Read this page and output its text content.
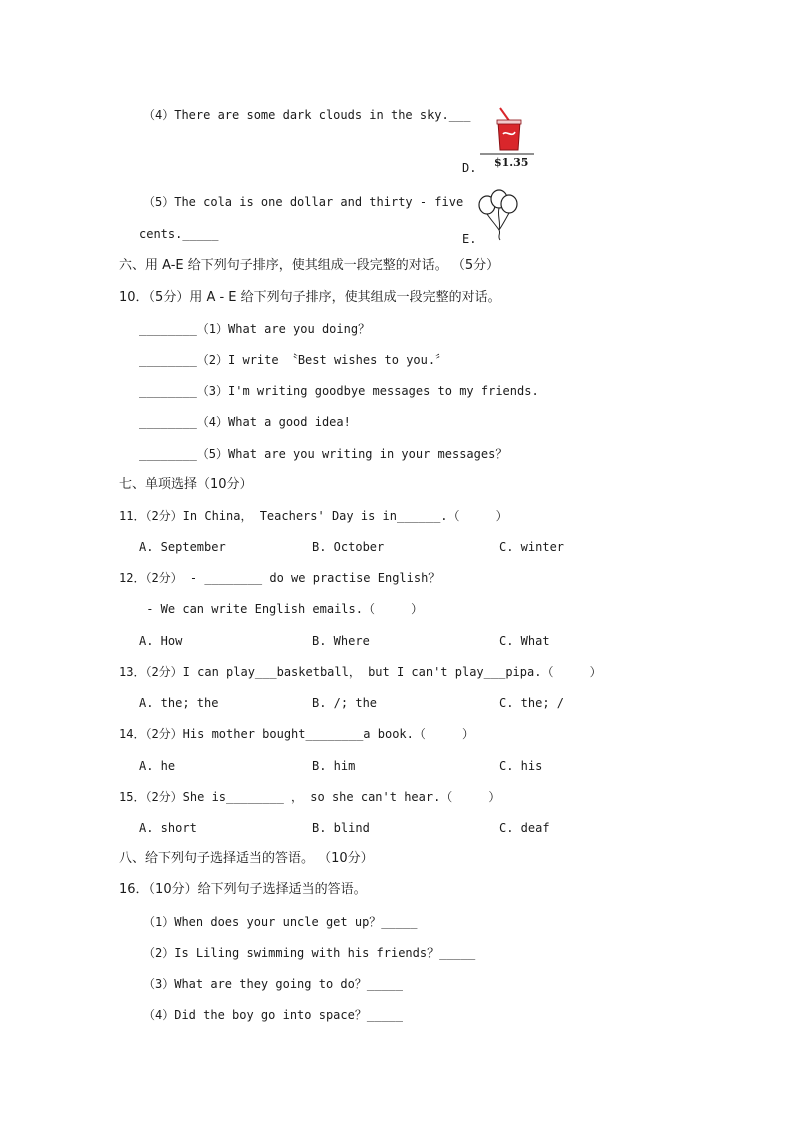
（4）There are some dark clouds in the sky.___
$1.35
D.
（5）The cola is one dollar and thirty - five
cents._____	E.
六、用 A-E 给下列句子排序，使其组成一段完整的对话。 （5分）
10．（5分）用 A - E 给下列句子排序，使其组成一段完整的对话。
________（1）What are you doing？
________（2）I write 〝Best wishes to you.〞
________（3）I'm writing goodbye messages to my friends.
________（4）What a good idea!
________（5）What are you writing in your messages？
七、单项选择（10分）
11．（2分）In China， Teachers' Day is in______.（     ）
A. September	B. October	C. winter
12．（2分） - ________ do we practise English？
- We can write English emails.（     ）
A. How	B. Where	C. What
13．（2分）I can play___basketball， but I can't play___pipa.（     ）
A. the; the	B. /; the	C. the; /
14．（2分）His mother bought________a book.（     ）
A. he	B. him	C. his
15．（2分）She is________ ， so she can't hear.（     ）
A. short	B. blind	C. deaf
八、给下列句子选择适当的答语。 （10分）
16．（10分）给下列句子选择适当的答语。
（1）When does your uncle get up？_____
（2）Is Liling swimming with his friends？_____
（3）What are they going to do？_____
（4）Did the boy go into space？_____
